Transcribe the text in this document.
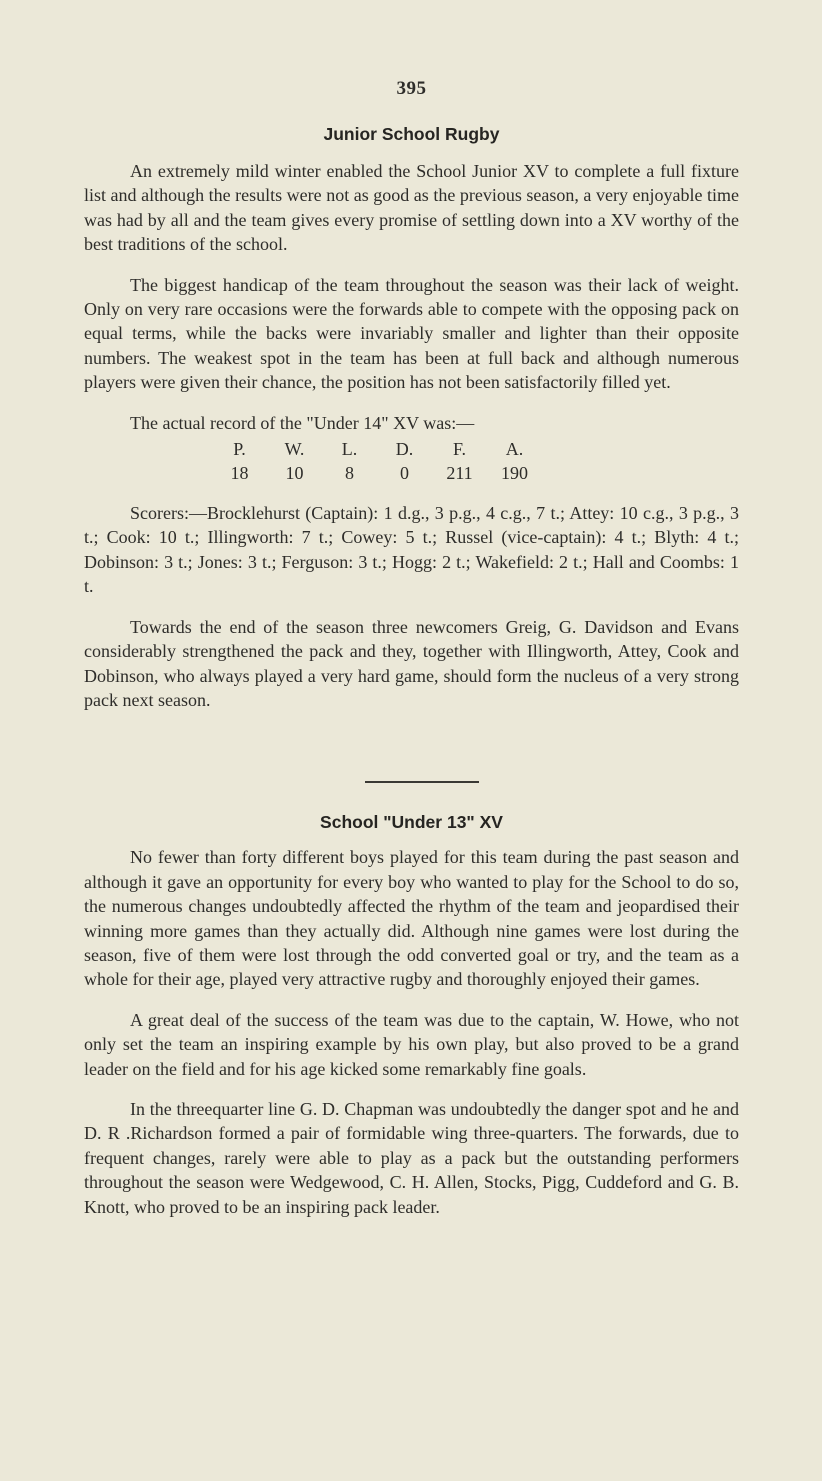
395
Junior School Rugby

An extremely mild winter enabled the School Junior XV to complete a full fixture list and although the results were not as good as the previous season, a very enjoyable time was had by all and the team gives every promise of settling down into a XV worthy of the best traditions of the school.

The biggest handicap of the team throughout the season was their lack of weight. Only on very rare occasions were the forwards able to compete with the opposing pack on equal terms, while the backs were invariably smaller and lighter than their opposite numbers. The weakest spot in the team has been at full back and although numerous players were given their chance, the position has not been satisfactorily filled yet.

The actual record of the "Under 14" XV was:—

P.	W.	L.	D.	F.	A.
18	10	8	0	211	190

Scorers:—Brocklehurst (Captain): 1 d.g., 3 p.g., 4 c.g., 7 t.; Attey: 10 c.g., 3 p.g., 3 t.; Cook: 10 t.; Illingworth: 7 t.; Cowey: 5 t.; Russel (vice-captain): 4 t.; Blyth: 4 t.; Dobinson: 3 t.; Jones: 3 t.; Ferguson: 3 t.; Hogg: 2 t.; Wakefield: 2 t.; Hall and Coombs: 1 t.

Towards the end of the season three newcomers Greig, G. Davidson and Evans considerably strengthened the pack and they, together with Illingworth, Attey, Cook and Dobinson, who always played a very hard game, should form the nucleus of a very strong pack next season.

School "Under 13" XV

No fewer than forty different boys played for this team during the past season and although it gave an opportunity for every boy who wanted to play for the School to do so, the numerous changes undoubtedly affected the rhythm of the team and jeopardised their winning more games than they actually did. Although nine games were lost during the season, five of them were lost through the odd converted goal or try, and the team as a whole for their age, played very attractive rugby and thoroughly enjoyed their games.

A great deal of the success of the team was due to the captain, W. Howe, who not only set the team an inspiring example by his own play, but also proved to be a grand leader on the field and for his age kicked some remarkably fine goals.

In the threequarter line G. D. Chapman was undoubtedly the danger spot and he and D. R .Richardson formed a pair of formidable wing three-quarters. The forwards, due to frequent changes, rarely were able to play as a pack but the outstanding performers throughout the season were Wedgewood, C. H. Allen, Stocks, Pigg, Cuddeford and G. B. Knott, who proved to be an inspiring pack leader.
